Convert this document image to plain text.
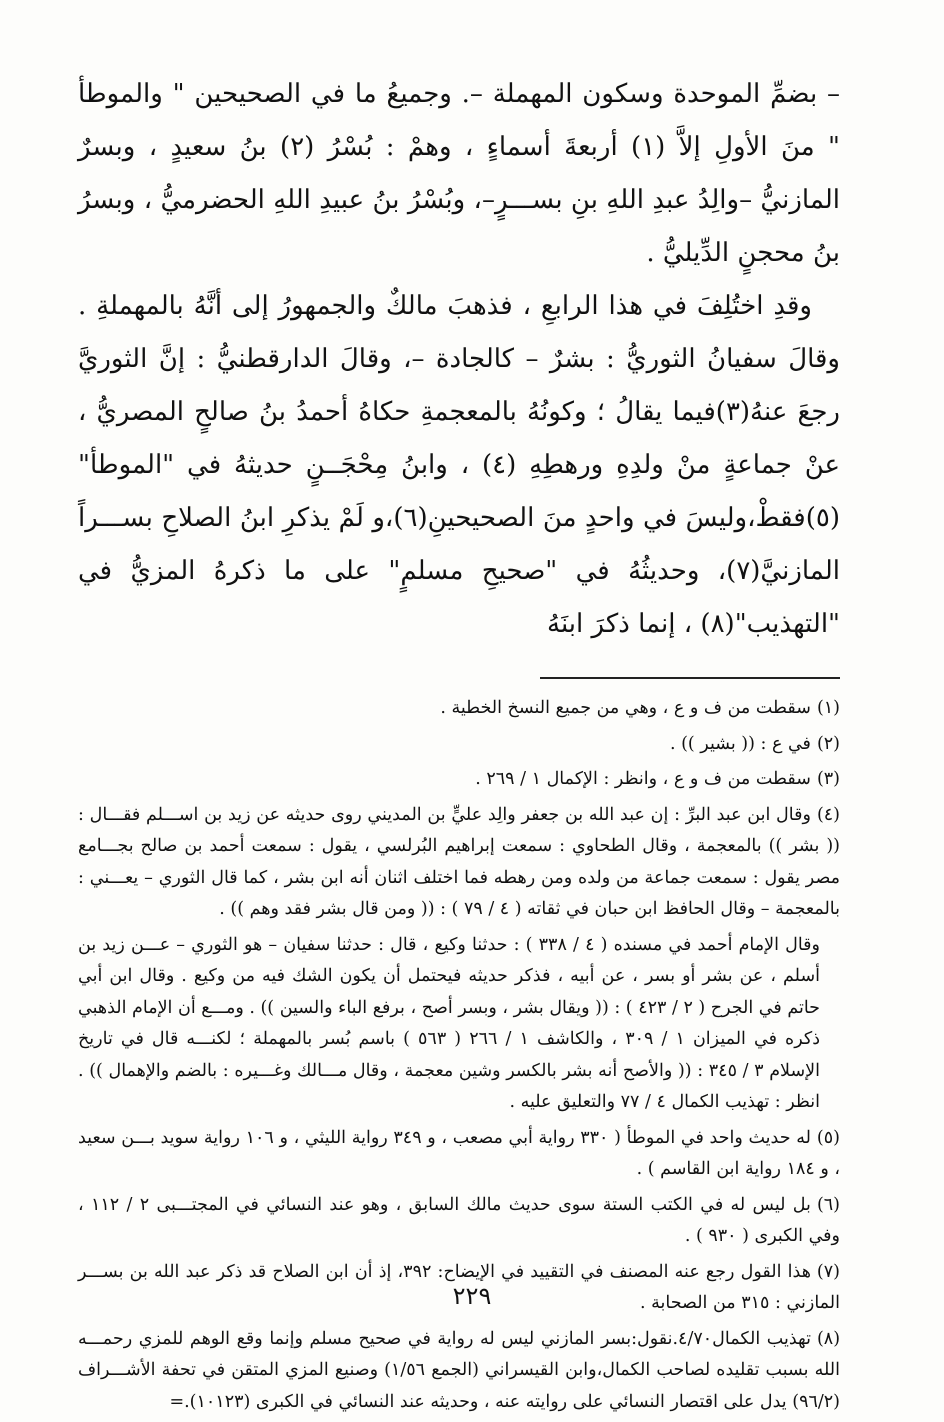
– بضمِّ الموحدة وسكون المهملة –. وجميعُ ما في الصحيحين " والموطأ " منَ الأولِ إلاَّ (١) أربعةَ أسماءٍ ، وهمْ : بُسْرُ (٢) بنُ سعيدٍ ، وبسرٌ المازنيُّ –والِدُ عبدِ اللهِ بنِ بســـرٍ–، وبُسْرُ بنُ عبيدِ اللهِ الحضرميُّ ، وبسرُ بنُ محجنٍ الدِّيليُّ .

وقدِ اختُلِفَ في هذا الرابعِ ، فذهبَ مالكٌ والجمهورُ إلى أنَّهُ بالمهملةِ . وقالَ سفيانُ الثوريُّ : بشرٌ – كالجادة –، وقالَ الدارقطنيُّ : إنَّ الثوريَّ رجعَ عنهُ(٣)فيما يقالُ ؛ وكونُهُ بالمعجمةِ حكاهُ أحمدُ بنُ صالحٍ المصريُّ ، عنْ جماعةٍ منْ ولدِهِ ورهطِهِ (٤) ، وابنُ مِحْجَــنٍ حديثهُ في "الموطأ"(٥)فقطْ،وليسَ في واحدٍ منَ الصحيحينِ(٦)،و لَمْ يذكرِ ابنُ الصلاحِ بســـراً المازنيَّ(٧)، وحديثُهُ في "صحيحِ مسلمٍ" على ما ذكرهُ المزيُّ في "التهذيب"(٨) ، إنما ذكرَ ابنَهُ

(١)سقطت من ف و ع ، وهي من جميع النسخ الخطية .

(٢)في ع : (( بشير )) .

(٣)سقطت من ف و ع ، وانظر : الإكمال ١ / ٢٦٩ .

(٤)وقال ابن عبد البرِّ : إن عبد الله بن جعفر والِد عليٍّ بن المديني روى حديثه عن زيد بن اســـلم فقـــال : (( بشر )) بالمعجمة ، وقال الطحاوي : سمعت إبراهيم البُرلسي ، يقول : سمعت أحمد بن صالح بجـــامع مصر يقول : سمعت جماعة من ولده ومن رهطه فما اختلف اثنان أنه ابن بشر ، كما قال الثوري – يعـــني : بالمعجمة – وقال الحافظ ابن حبان في ثقاته ( ٤ / ٧٩ ) : (( ومن قال بشر فقد وهم )) .

وقال الإمام أحمد في مسنده ( ٤ / ٣٣٨ ) : حدثنا وكيع ، قال : حدثنا سفيان – هو الثوري – عـــن زيد بن أسلم ، عن بشر أو بسر ، عن أبيه ، فذكر حديثه فيحتمل أن يكون الشك فيه من وكيع . وقال ابن أبي حاتم في الجرح ( ٢ / ٤٢٣ ) : (( ويقال بشر ، وبسر أصح ، برفع الباء والسين )) . ومـــع أن الإمام الذهبي ذكره في الميزان ١ / ٣٠٩ ، والكاشف ١ / ٢٦٦ ( ٥٦٣ ) باسم بُسر بالمهملة ؛ لكنـــه قال في تاريخ الإسلام ٣ / ٣٤٥ : (( والأصح أنه بشر بالكسر وشين معجمة ، وقال مـــالك وغـــيره : بالضم والإهمال )) . انظر : تهذيب الكمال ٤ / ٧٧ والتعليق عليه .

(٥)له حديث واحد في الموطأ ( ٣٣٠ رواية أبي مصعب ، و ٣٤٩ رواية الليثي ، و ١٠٦ رواية سويد بـــن سعيد ، و ١٨٤ رواية ابن القاسم ) .

(٦)بل ليس له في الكتب الستة سوى حديث مالك السابق ، وهو عند النسائي في المجتـــبى ٢ / ١١٢ ، وفي الكبرى ( ٩٣٠ ) .

(٧)هذا القول رجع عنه المصنف في التقييد في الإيضاح: ٣٩٢، إذ أن ابن الصلاح قد ذكر عبد الله بن بســـر المازني : ٣١٥ من الصحابة .

(٨)تهذيب الكمال٤/٧٠.نقول:بسر المازني ليس له رواية في صحيح مسلم وإنما وقع الوهم للمزي رحمـــه الله بسبب تقليده لصاحب الكمال،وابن القيسراني (الجمع ١/٥٦) وصنيع المزي المتقن في تحفة الأشـــراف (٩٦/٢) يدل على اقتصار النسائي على روايته عنه ، وحديثه عند النسائي في الكبرى (١٠١٢٣).=

٢٢٩
